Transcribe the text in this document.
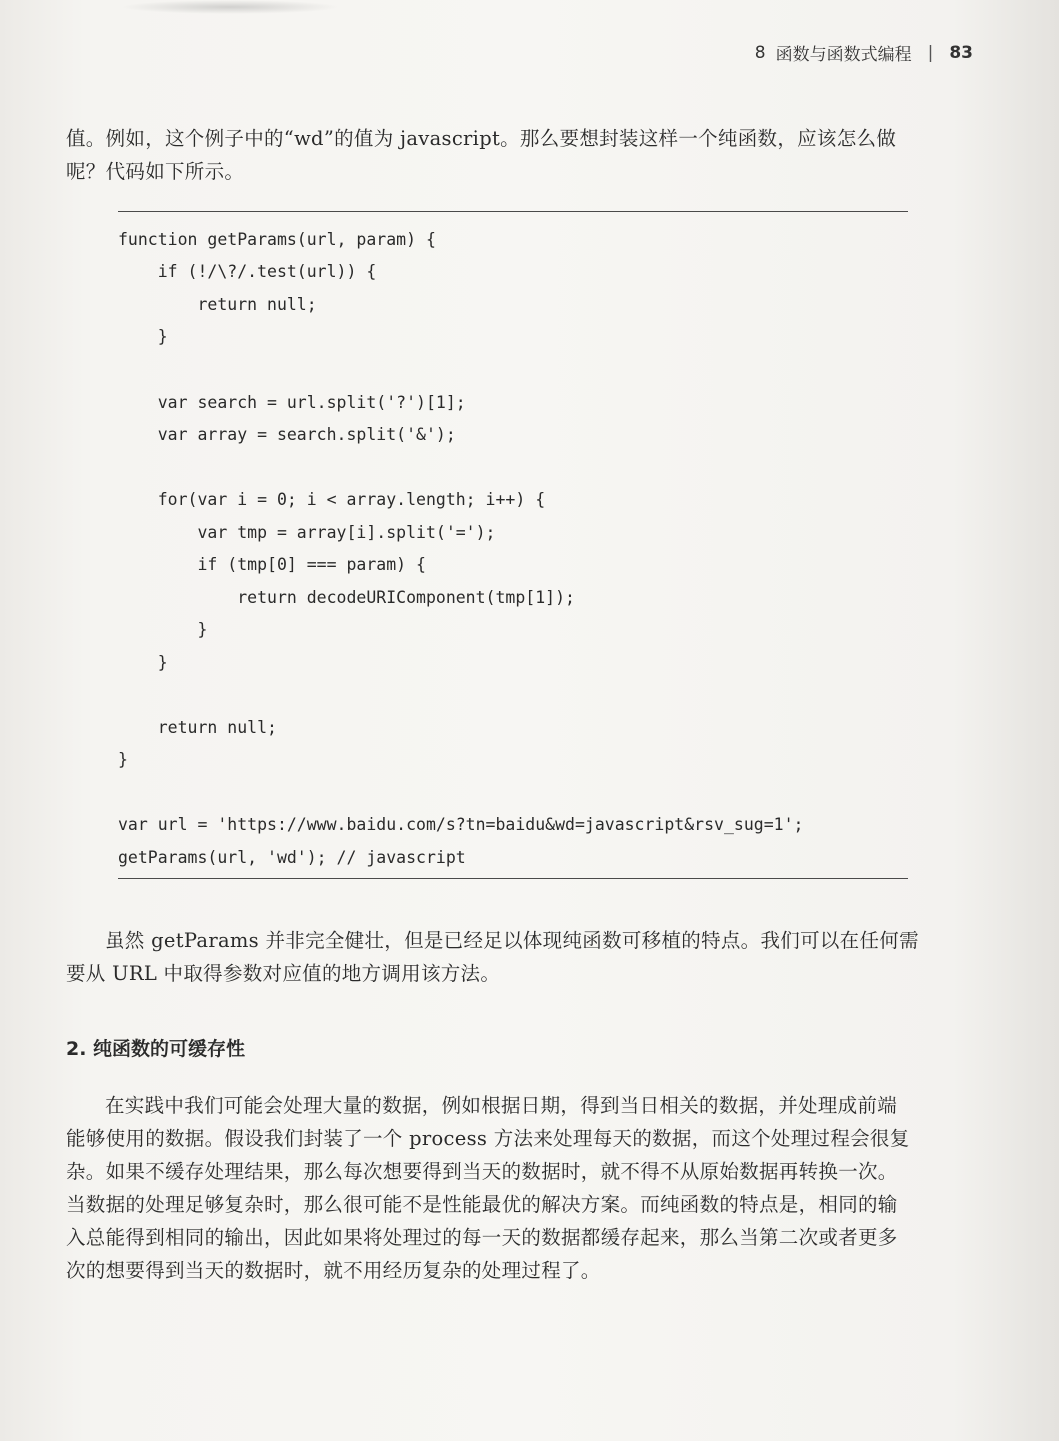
8 函数与函数式编程 | 83

值。例如，这个例子中的“wd”的值为 javascript。那么要想封装这样一个纯函数，应该怎么做

呢？代码如下所示。

function getParams(url, param) {
if (!/\?/.test(url)) {
return null;
}
var search = url.split('?')[1];
var array = search.split('&');
for(var i = 0; i < array.length; i++) {
var tmp = array[i].split('=');
if (tmp[0] === param) {
return decodeURIComponent(tmp[1]);
}
}
return null;
}
var url = 'https://www.baidu.com/s?tn=baidu&wd=javascript&rsv_sug=1';
getParams(url, 'wd'); // javascript

虽然 getParams 并非完全健壮，但是已经足以体现纯函数可移植的特点。我们可以在任何需

要从 URL 中取得参数对应值的地方调用该方法。

2. 纯函数的可缓存性

在实践中我们可能会处理大量的数据，例如根据日期，得到当日相关的数据，并处理成前端

能够使用的数据。假设我们封装了一个 process 方法来处理每天的数据，而这个处理过程会很复

杂。如果不缓存处理结果，那么每次想要得到当天的数据时，就不得不从原始数据再转换一次。

当数据的处理足够复杂时，那么很可能不是性能最优的解决方案。而纯函数的特点是，相同的输

入总能得到相同的输出，因此如果将处理过的每一天的数据都缓存起来，那么当第二次或者更多

次的想要得到当天的数据时，就不用经历复杂的处理过程了。
